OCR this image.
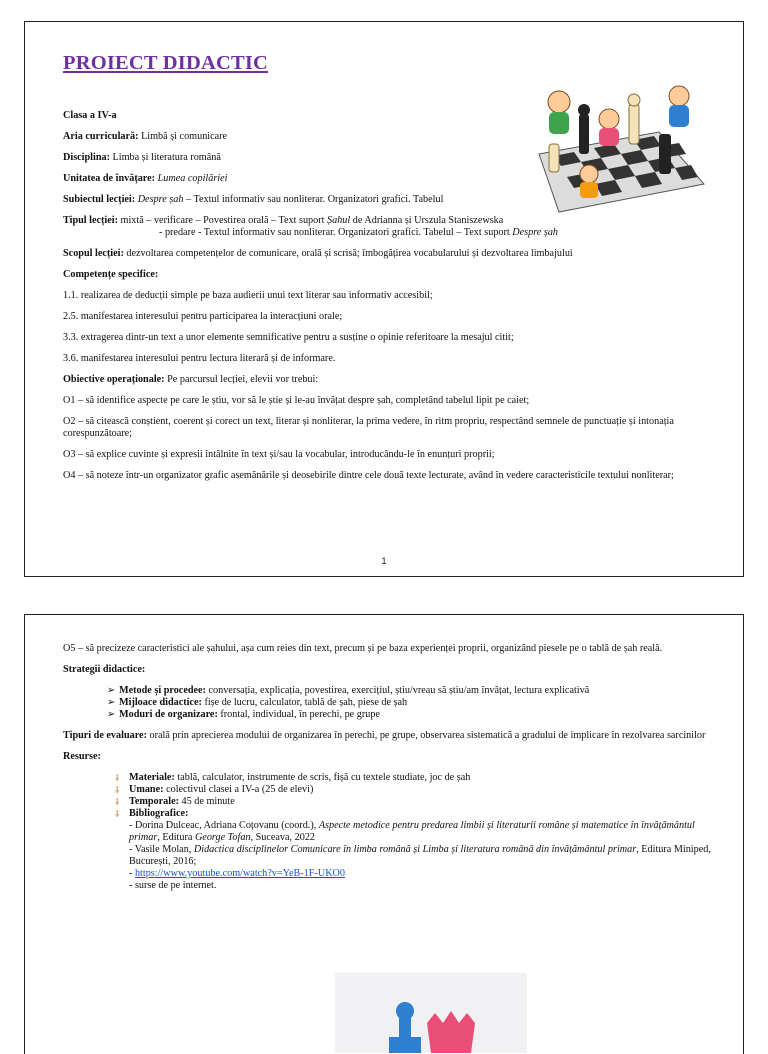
PROIECT DIDACTIC

Clasa a IV-a

Aria curriculară: Limbă și comunicare

Disciplina: Limba și literatura română

Unitatea de învățare: Lumea copilăriei

Subiectul lecției: Despre șah – Textul informativ sau nonliterar. Organizatori grafici. Tabelul

Tipul lecției: mixtă – verificare – Povestirea orală – Text suport Șahul de Adrianna și Urszula Staniszewska
- predare - Textul informativ sau nonliterar. Organizatori grafici. Tabelul – Text suport Despre șah

Scopul lecției: dezvoltarea competențelor de comunicare, orală și scrisă; îmbogățirea vocabularului și dezvoltarea limbajului

Competențe specifice:

1.1. realizarea de deducții simple pe baza audierii unui text literar sau informativ accesibil;

2.5. manifestarea interesului pentru participarea la interacțiuni orale;

3.3. extragerea dintr-un text a unor elemente semnificative pentru a susține o opinie referitoare la mesajul citit;

3.6. manifestarea interesului pentru lectura literară și de informare.

Obiective operaționale: Pe parcursul lecției, elevii vor trebui:

O1 – să identifice aspecte pe care le știu, vor să le știe și le-au învățat despre șah, completând tabelul lipit pe caiet;

O2 – să citească conștient, coerent și corect un text, literar și nonliterar, la prima vedere, în ritm propriu, respectând semnele de punctuație și intonația corespunzătoare;

O3 – să explice cuvinte și expresii întâlnite în text și/sau la vocabular, introducându-le în enunțuri proprii;

O4 – să noteze într-un organizator grafic asemănările și deosebirile dintre cele două texte lecturate, având în vedere caracteristicile textului nonliterar;

1

O5 – să precizeze caracteristici ale șahului, așa cum reies din text, precum și pe baza experienței proprii, organizând piesele pe o tablă de șah reală.

Strategii didactice:

➢ Metode și procedee: conversația, explicația, povestirea, exercițiul, știu/vreau să știu/am învățat, lectura explicativă
➢ Mijloace didactice: fișe de lucru, calculator, tablă de șah, piese de șah
➢ Moduri de organizare: frontal, individual, în perechi, pe grupe

Tipuri de evaluare: orală prin aprecierea modului de organizarea în perechi, pe grupe, observarea sistematică a gradului de implicare în rezolvarea sarcinilor

Resurse:

⸸ Materiale: tablă, calculator, instrumente de scris, fișă cu textele studiate, joc de șah
⸸ Umane: colectivul clasei a IV-a (25 de elevi)
⸸ Temporale: 45 de minute
⸸ Bibliografice:
- Dorina Dulceac, Adriana Coțovanu (coord.), Aspecte metodice pentru predarea limbii și literaturii române și matematice în învățământul primar, Editura George Tofan, Suceava, 2022
- Vasile Molan, Didactica disciplinelor Comunicare în limba română și Limba și literatura română din învățământul primar, Editura Miniped, București, 2016;
- https://www.youtube.com/watch?v=YeB-1F-UKO0
- surse de pe internet.
